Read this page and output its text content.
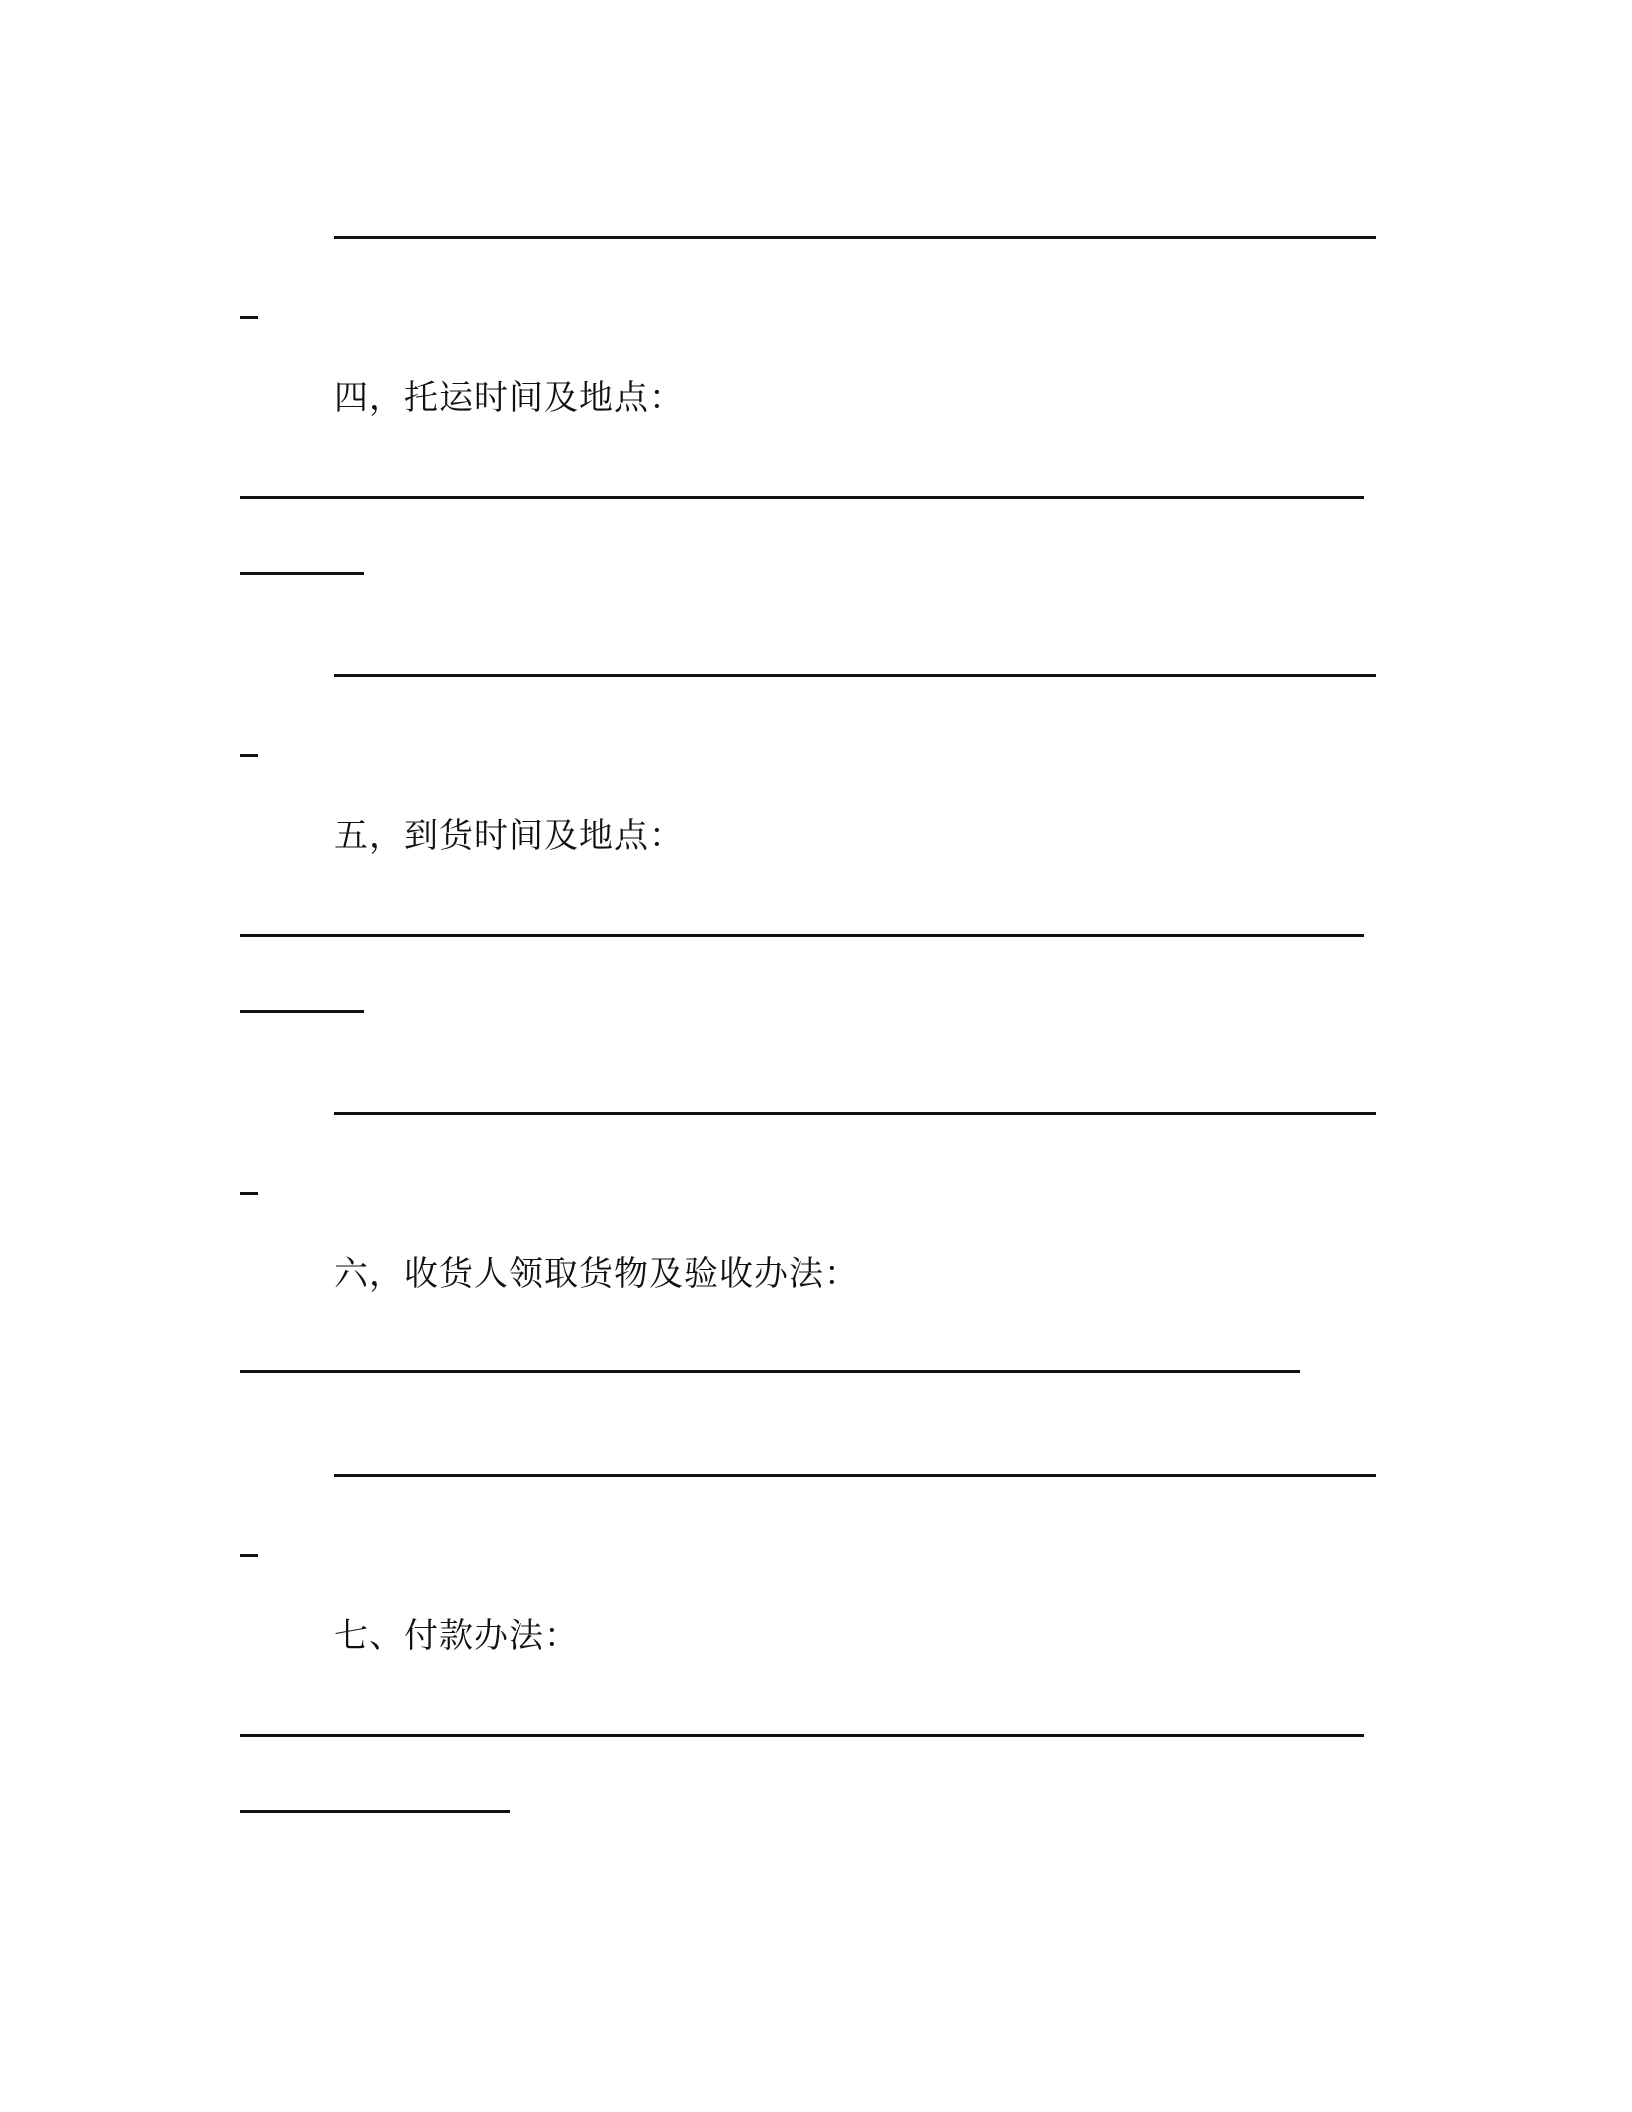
四，托运时间及地点：
五，到货时间及地点：
六，收货人领取货物及验收办法：
七、付款办法：
